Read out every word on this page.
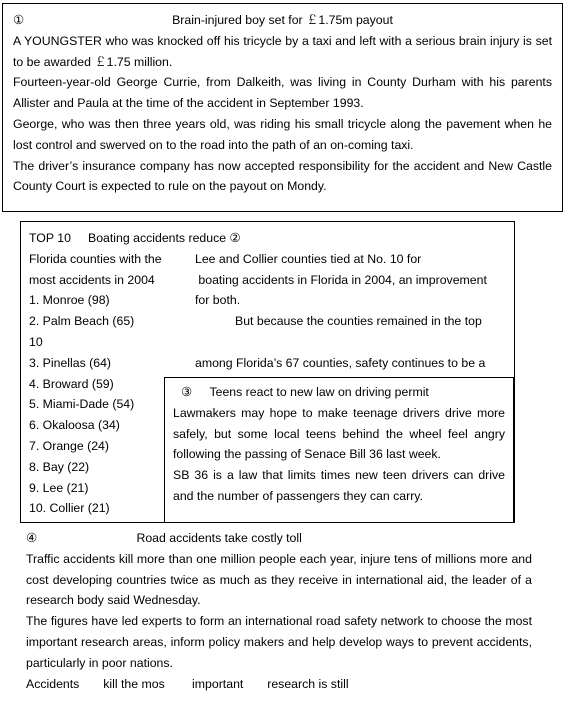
①	Brain-injured boy set for ￡1.75m payout

A YOUNGSTER who was knocked off his tricycle by a taxi and left with a serious brain injury is set to be awarded ￡1.75 million.

Fourteen-year-old George Currie, from Dalkeith, was living in County Durham with his parents Allister and Paula at the time of the accident in September 1993.

George, who was then three years old, was riding his small tricycle along the pavement when he lost control and swerved on to the road into the path of an on-coming taxi.

The driver’s insurance company has now accepted responsibility for the accident and New Castle County Court is expected to rule on the payout on Mondy.

TOP 10     Boating accidents reduce ②
Florida counties with the
most accidents in 2004
1. Monroe (98)
2. Palm Beach (65)
10
3. Pinellas (64)
4. Broward (59)
5. Miami-Dade (54)
6. Okaloosa (34)
7. Orange (24)
8. Bay (22)
9. Lee (21)
10. Collier (21)
Lee and Collier counties tied at No. 10 for
boating accidents in Florida in 2004, an improvement
for both.
But because the counties remained in the top
among Florida’s 67 counties, safety continues to be a
③ Teens react to new law on driving permit

Lawmakers may hope to make teenage drivers drive more safely, but some local teens behind the wheel feel angry following the passing of Senace Bill 36 last week.

SB 36 is a law that limits times new teen drivers can drive and the number of passengers they can carry.

④	Road accidents take costly toll

Traffic accidents kill more than one million people each year, injure tens of millions more and cost developing countries twice as much as they receive in international aid, the leader of a research body said Wednesday.

The figures have led experts to form an international road safety network to choose the most important research areas, inform policy makers and help develop ways to prevent accidents, particularly in poor nations.

Accidents       kill the mos        important       research is still
